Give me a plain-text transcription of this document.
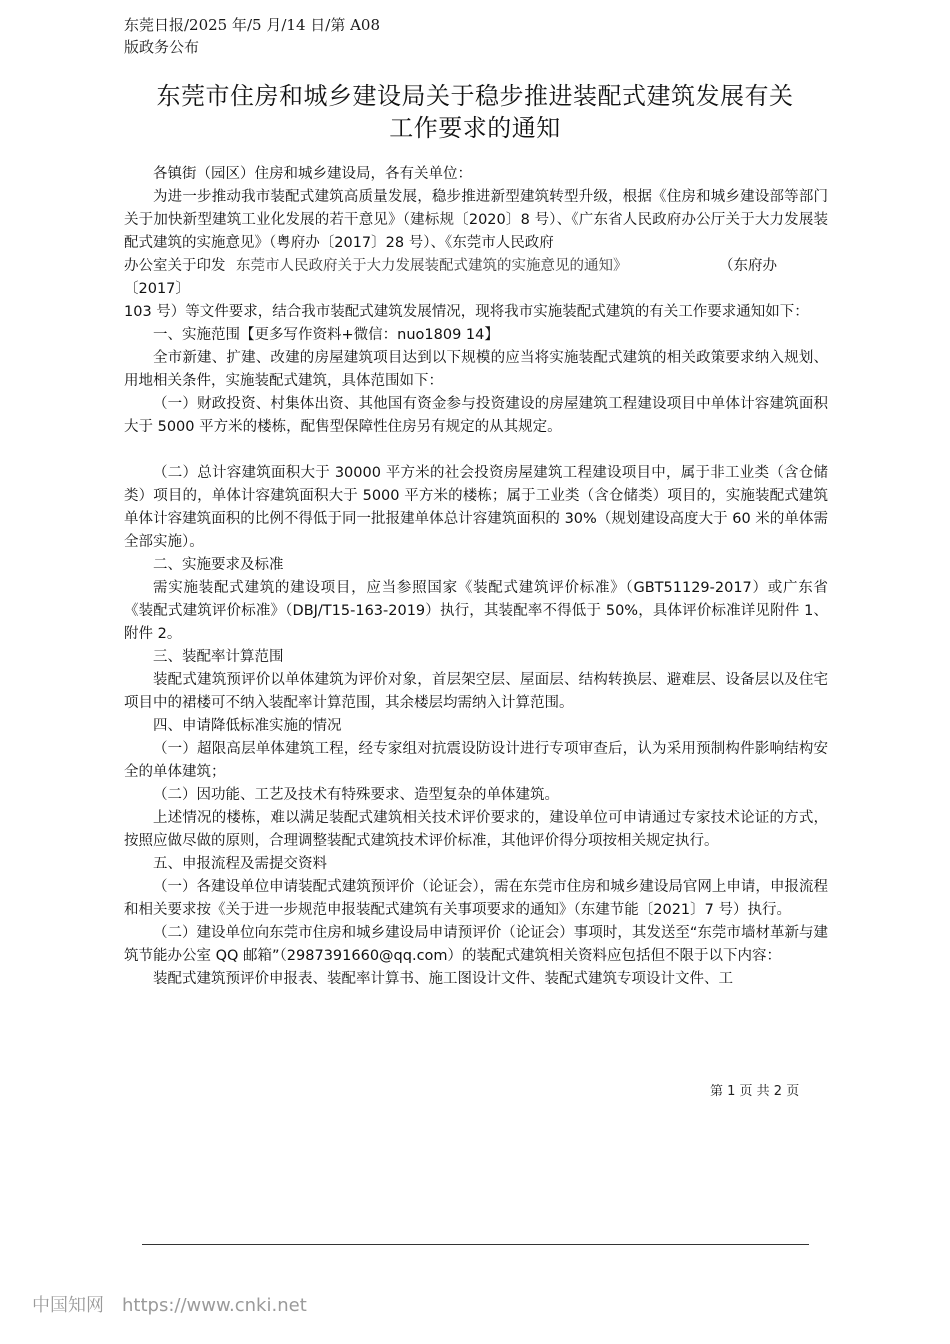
东莞日报/2025 年/5 月/14 日/第 A08
版政务公布
东莞市住房和城乡建设局关于稳步推进装配式建筑发展有关
工作要求的通知

各镇街（园区）住房和城乡建设局，各有关单位：

为进一步推动我市装配式建筑高质量发展，稳步推进新型建筑转型升级，根据《住房和城乡建设部等部门关于加快新型建筑工业化发展的若干意见》（建标规〔2020〕8 号）、《广东省人民政府办公厅关于大力发展装配式建筑的实施意见》（粤府办〔2017〕28 号）、《东莞市人民政府

办公室关于印发 东莞市人民政府关于大力发展装配式建筑的实施意见的通知》	（东府办

〔2017〕

103 号）等文件要求，结合我市装配式建筑发展情况，现将我市实施装配式建筑的有关工作要求通知如下：

一、实施范围【更多写作资料+微信：nuo1809 14】

全市新建、扩建、改建的房屋建筑项目达到以下规模的应当将实施装配式建筑的相关政策要求纳入规划、用地相关条件，实施装配式建筑，具体范围如下：

（一）财政投资、村集体出资、其他国有资金参与投资建设的房屋建筑工程建设项目中单体计容建筑面积大于 5000 平方米的楼栋，配售型保障性住房另有规定的从其规定。

（二）总计容建筑面积大于 30000 平方米的社会投资房屋建筑工程建设项目中，属于非工业类（含仓储类）项目的，单体计容建筑面积大于 5000 平方米的楼栋；属于工业类（含仓储类）项目的，实施装配式建筑单体计容建筑面积的比例不得低于同一批报建单体总计容建筑面积的 30%（规划建设高度大于 60 米的单体需全部实施）。

二、实施要求及标准

需实施装配式建筑的建设项目，应当参照国家《装配式建筑评价标准》（GBT51129-2017）或广东省《装配式建筑评价标准》（DBJ/T15-163-2019）执行，其装配率不得低于 50%，具体评价标准详见附件 1、附件 2。

三、装配率计算范围

装配式建筑预评价以单体建筑为评价对象，首层架空层、屋面层、结构转换层、避难层、设备层以及住宅项目中的裙楼可不纳入装配率计算范围，其余楼层均需纳入计算范围。

四、申请降低标准实施的情况

（一）超限高层单体建筑工程，经专家组对抗震设防设计进行专项审查后，认为采用预制构件影响结构安全的单体建筑；

（二）因功能、工艺及技术有特殊要求、造型复杂的单体建筑。

上述情况的楼栋，难以满足装配式建筑相关技术评价要求的，建设单位可申请通过专家技术论证的方式，按照应做尽做的原则，合理调整装配式建筑技术评价标准，其他评价得分项按相关规定执行。

五、申报流程及需提交资料

（一）各建设单位申请装配式建筑预评价（论证会），需在东莞市住房和城乡建设局官网上申请，申报流程和相关要求按《关于进一步规范申报装配式建筑有关事项要求的通知》（东建节能〔2021〕7 号）执行。

（二）建设单位向东莞市住房和城乡建设局申请预评价（论证会）事项时，其发送至“东莞市墙材革新与建筑节能办公室 QQ 邮箱”（2987391660@qq.com）的装配式建筑相关资料应包括但不限于以下内容：

装配式建筑预评价申报表、装配率计算书、施工图设计文件、装配式建筑专项设计文件、工

第 1 页 共 2 页
中国知网 https://www.cnki.net
